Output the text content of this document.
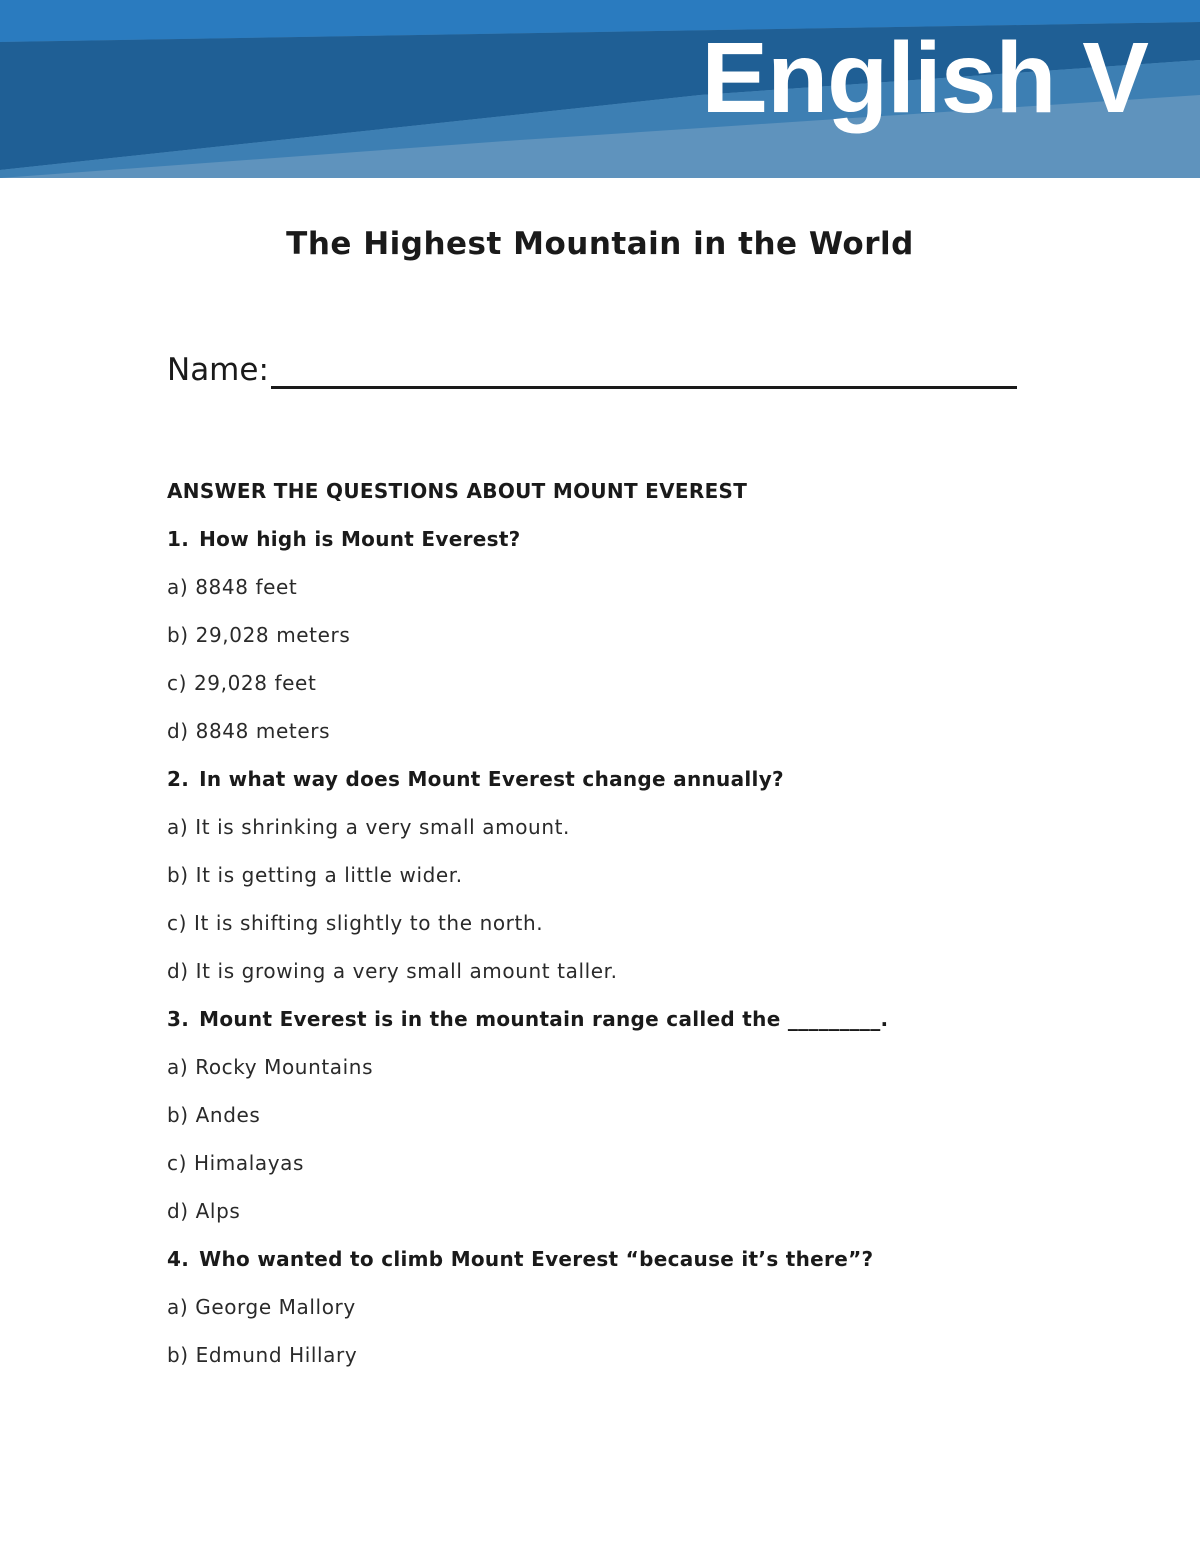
English V
The Highest Mountain in the World
Name:

ANSWER THE QUESTIONS ABOUT MOUNT EVEREST

1. How high is Mount Everest?

a) 8848 feet

b) 29,028 meters

c) 29,028 feet

d) 8848 meters

2. In what way does Mount Everest change annually?

a) It is shrinking a very small amount.

b) It is getting a little wider.

c) It is shifting slightly to the north.

d) It is growing a very small amount taller.

3. Mount Everest is in the mountain range called the _________.

a) Rocky Mountains

b) Andes

c) Himalayas

d) Alps

4. Who wanted to climb Mount Everest “because it’s there”?

a) George Mallory

b) Edmund Hillary
